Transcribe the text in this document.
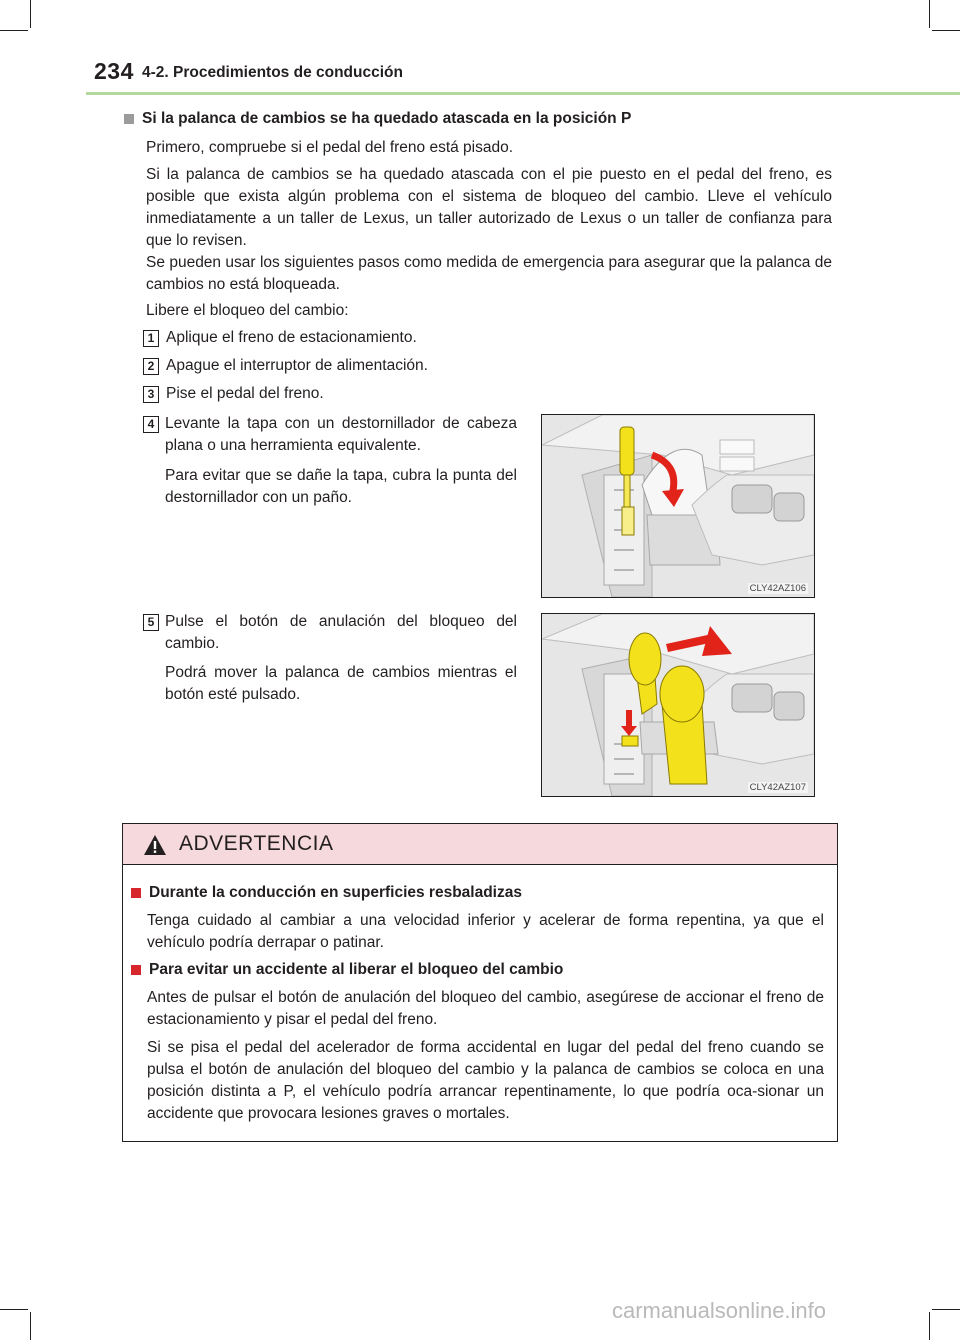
234 4-2. Procedimientos de conducción
Si la palanca de cambios se ha quedado atascada en la posición P
Primero, compruebe si el pedal del freno está pisado.
Si la palanca de cambios se ha quedado atascada con el pie puesto en el pedal del freno, es posible que exista algún problema con el sistema de bloqueo del cambio. Lleve el vehículo inmediatamente a un taller de Lexus, un taller autorizado de Lexus o un taller de confianza para que lo revisen.
Se pueden usar los siguientes pasos como medida de emergencia para asegurar que la palanca de cambios no está bloqueada.
Libere el bloqueo del cambio:
1 Aplique el freno de estacionamiento.
2 Apague el interruptor de alimentación.
3 Pise el pedal del freno.
4 Levante la tapa con un destornillador de cabeza plana o una herramienta equivalente.
Para evitar que se dañe la tapa, cubra la punta del destornillador con un paño.
CLY42AZ106
5 Pulse el botón de anulación del bloqueo del cambio.
Podrá mover la palanca de cambios mientras el botón esté pulsado.
CLY42AZ107
ADVERTENCIA
Durante la conducción en superficies resbaladizas
Tenga cuidado al cambiar a una velocidad inferior y acelerar de forma repentina, ya que el vehículo podría derrapar o patinar.
Para evitar un accidente al liberar el bloqueo del cambio
Antes de pulsar el botón de anulación del bloqueo del cambio, asegúrese de accionar el freno de estacionamiento y pisar el pedal del freno.
Si se pisa el pedal del acelerador de forma accidental en lugar del pedal del freno cuando se pulsa el botón de anulación del bloqueo del cambio y la palanca de cambios se coloca en una posición distinta a P, el vehículo podría arrancar repentinamente, lo que podría oca-sionar un accidente que provocara lesiones graves o mortales.
carmanualsonline.info
